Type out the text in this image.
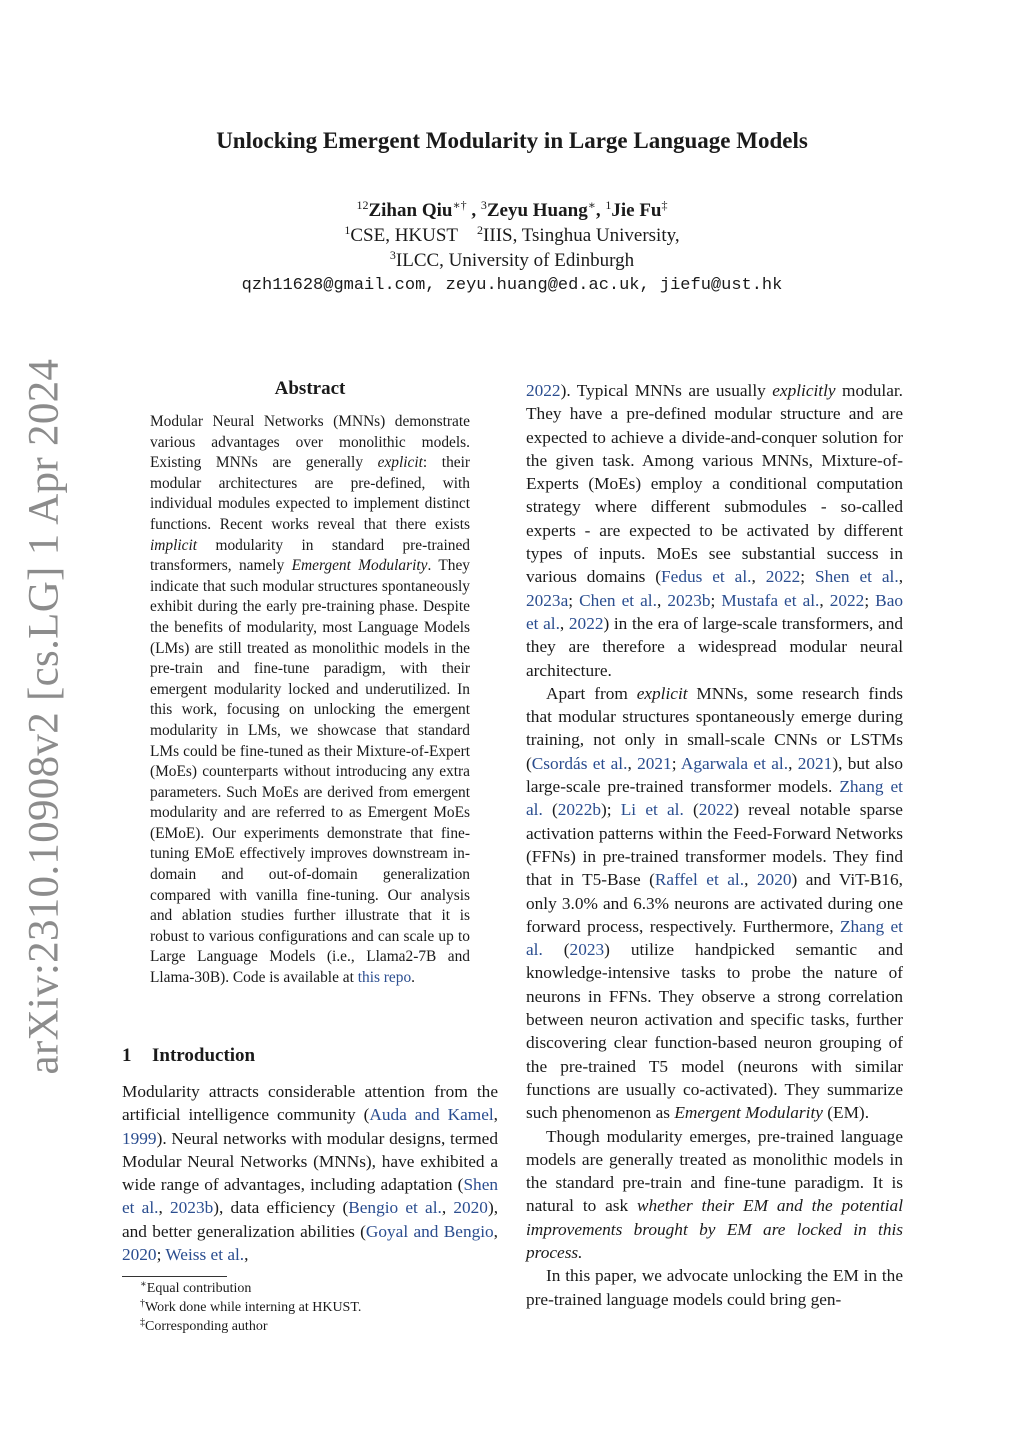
arXiv:2310.10908v2 [cs.LG] 1 Apr 2024
Unlocking Emergent Modularity in Large Language Models
$^{12}$Zihan Qiu∗† , $^3$Zeyu Huang∗, $^1$Jie Fu‡
$^1$CSE, HKUST $^2$IIIS, Tsinghua University,
$^3$ILCC, University of Edinburgh
qzh11628@gmail.com, zeyu.huang@ed.ac.uk, jiefu@ust.hk
Abstract

Modular Neural Networks (MNNs) demonstrate various advantages over monolithic models. Existing MNNs are generally explicit: their modular architectures are pre-defined, with individual modules expected to implement distinct functions. Recent works reveal that there exists implicit modularity in standard pre-trained transformers, namely Emergent Modularity. They indicate that such modular structures spontaneously exhibit during the early pre-training phase. Despite the benefits of modularity, most Language Models (LMs) are still treated as monolithic models in the pre-train and fine-tune paradigm, with their emergent modularity locked and underutilized. In this work, focusing on unlocking the emergent modularity in LMs, we showcase that standard LMs could be fine-tuned as their Mixture-of-Expert (MoEs) counterparts without introducing any extra parameters. Such MoEs are derived from emergent modularity and are referred to as Emergent MoEs (EMoE). Our experiments demonstrate that fine-tuning EMoE effectively improves downstream in-domain and out-of-domain generalization compared with vanilla fine-tuning. Our analysis and ablation studies further illustrate that it is robust to various configurations and can scale up to Large Language Models (i.e., Llama2-7B and Llama-30B). Code is available at this repo.

1 Introduction

Modularity attracts considerable attention from the artificial intelligence community (Auda and Kamel, 1999). Neural networks with modular designs, termed Modular Neural Networks (MNNs), have exhibited a wide range of advantages, including adaptation (Shen et al., 2023b), data efficiency (Bengio et al., 2020), and better generalization abilities (Goyal and Bengio, 2020; Weiss et al.,

2022). Typical MNNs are usually explicitly modular. They have a pre-defined modular structure and are expected to achieve a divide-and-conquer solution for the given task. Among various MNNs, Mixture-of-Experts (MoEs) employ a conditional computation strategy where different submodules - so-called experts - are expected to be activated by different types of inputs. MoEs see substantial success in various domains (Fedus et al., 2022; Shen et al., 2023a; Chen et al., 2023b; Mustafa et al., 2022; Bao et al., 2022) in the era of large-scale transformers, and they are therefore a widespread modular neural architecture.

Apart from explicit MNNs, some research finds that modular structures spontaneously emerge during training, not only in small-scale CNNs or LSTMs (Csordás et al., 2021; Agarwala et al., 2021), but also large-scale pre-trained transformer models. Zhang et al. (2022b); Li et al. (2022) reveal notable sparse activation patterns within the Feed-Forward Networks (FFNs) in pre-trained transformer models. They find that in T5-Base (Raffel et al., 2020) and ViT-B16, only 3.0% and 6.3% neurons are activated during one forward process, respectively. Furthermore, Zhang et al. (2023) utilize handpicked semantic and knowledge-intensive tasks to probe the nature of neurons in FFNs. They observe a strong correlation between neuron activation and specific tasks, further discovering clear function-based neuron grouping of the pre-trained T5 model (neurons with similar functions are usually co-activated). They summarize such phenomenon as Emergent Modularity (EM).

Though modularity emerges, pre-trained language models are generally treated as monolithic models in the standard pre-train and fine-tune paradigm. It is natural to ask whether their EM and the potential improvements brought by EM are locked in this process.

In this paper, we advocate unlocking the EM in the pre-trained language models could bring gen-

∗Equal contribution
†Work done while interning at HKUST.
‡Corresponding author
